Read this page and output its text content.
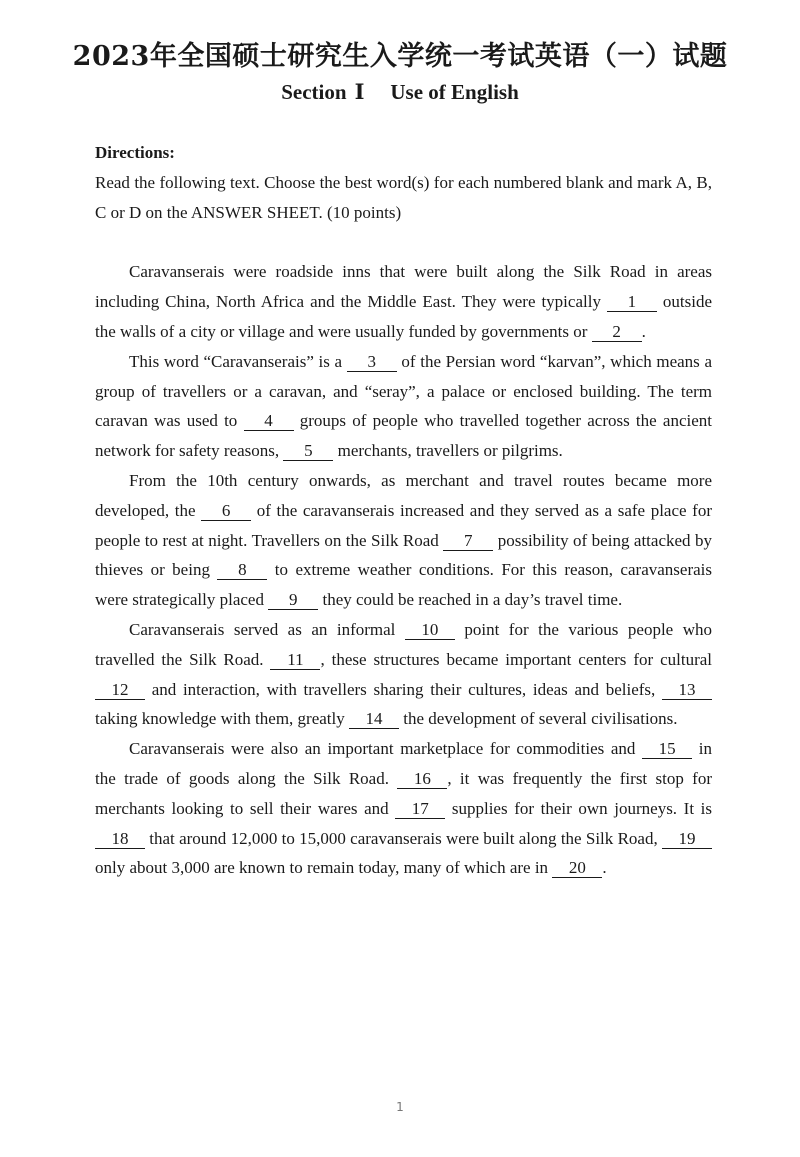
2023年全国硕士研究生入学统一考试英语（一）试题
Section Ⅰ Use of English

Directions:

Read the following text. Choose the best word(s) for each numbered blank and mark A, B, C or D on the ANSWER SHEET. (10 points)

Caravanserais were roadside inns that were built along the Silk Road in areas including China, North Africa and the Middle East. They were typically 1 outside the walls of a city or village and were usually funded by governments or 2 .

This word “Caravanserais” is a 3 of the Persian word “karvan”, which means a group of travellers or a caravan, and “seray”, a palace or enclosed building. The term caravan was used to 4 groups of people who travelled together across the ancient network for safety reasons, 5 merchants, travellers or pilgrims.

From the 10th century onwards, as merchant and travel routes became more developed, the 6 of the caravanserais increased and they served as a safe place for people to rest at night. Travellers on the Silk Road 7 possibility of being attacked by thieves or being 8 to extreme weather conditions. For this reason, caravanserais were strategically placed 9 they could be reached in a day’s travel time.

Caravanserais served as an informal 10 point for the various people who travelled the Silk Road. 11 , these structures became important centers for cultural 12 and interaction, with travellers sharing their cultures, ideas and beliefs, 13 taking knowledge with them, greatly 14 the development of several civilisations.

Caravanserais were also an important marketplace for commodities and 15 in the trade of goods along the Silk Road. 16 , it was frequently the first stop for merchants looking to sell their wares and 17 supplies for their own journeys. It is 18 that around 12,000 to 15,000 caravanserais were built along the Silk Road, 19 only about 3,000 are known to remain today, many of which are in 20 .

1
